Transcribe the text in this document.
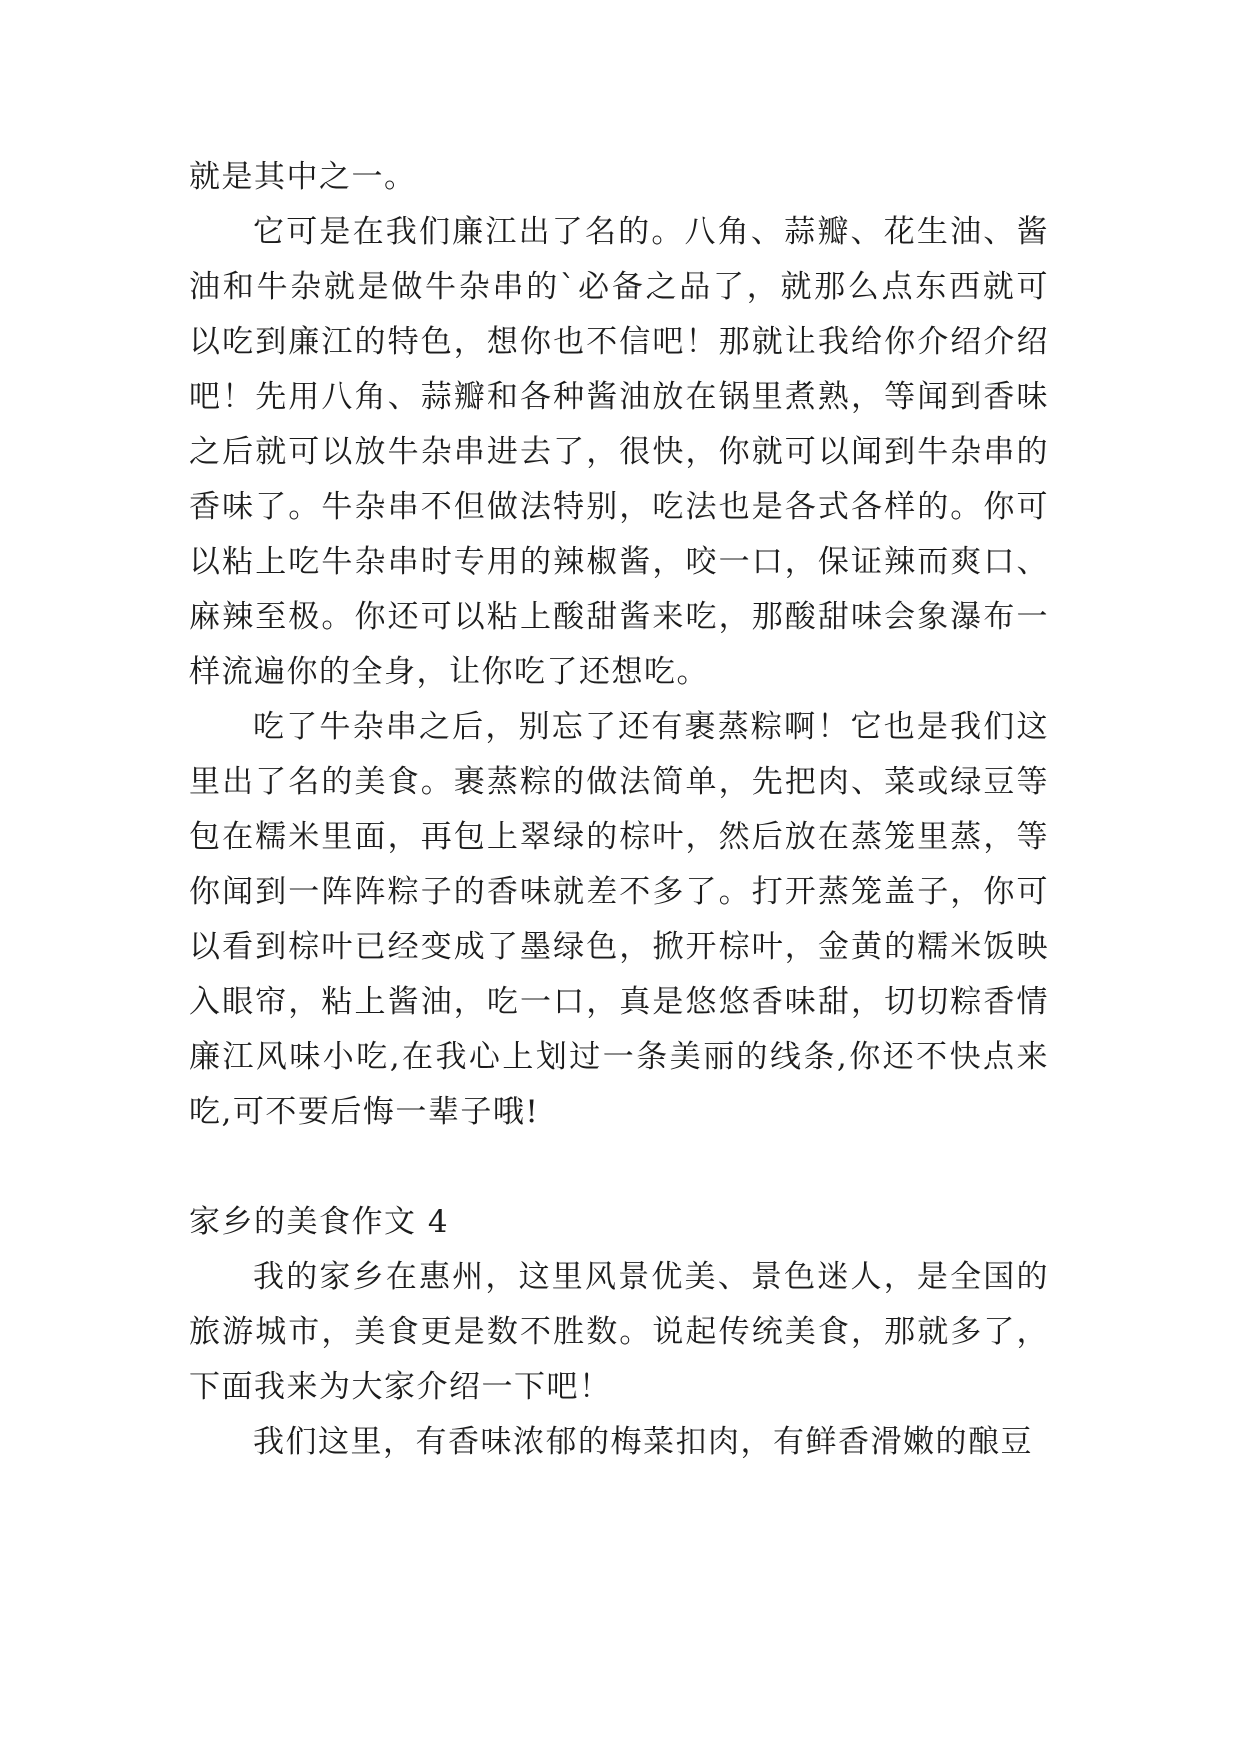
就是其中之一。

它可是在我们廉江出了名的。八角、蒜瓣、花生油、酱油和牛杂就是做牛杂串的`必备之品了，就那么点东西就可以吃到廉江的特色，想你也不信吧！那就让我给你介绍介绍吧！先用八角、蒜瓣和各种酱油放在锅里煮熟，等闻到香味之后就可以放牛杂串进去了，很快，你就可以闻到牛杂串的香味了。牛杂串不但做法特别，吃法也是各式各样的。你可以粘上吃牛杂串时专用的辣椒酱，咬一口，保证辣而爽口、麻辣至极。你还可以粘上酸甜酱来吃，那酸甜味会象瀑布一样流遍你的全身，让你吃了还想吃。

吃了牛杂串之后，别忘了还有裹蒸粽啊！它也是我们这里出了名的美食。裹蒸粽的做法简单，先把肉、菜或绿豆等包在糯米里面，再包上翠绿的棕叶，然后放在蒸笼里蒸，等你闻到一阵阵粽子的香味就差不多了。打开蒸笼盖子，你可以看到棕叶已经变成了墨绿色，掀开棕叶，金黄的糯米饭映入眼帘，粘上酱油，吃一口，真是悠悠香味甜，切切粽香情廉江风味小吃,在我心上划过一条美丽的线条,你还不快点来吃,可不要后悔一辈子哦!

家乡的美食作文 4

我的家乡在惠州，这里风景优美、景色迷人，是全国的旅游城市，美食更是数不胜数。说起传统美食，那就多了，下面我来为大家介绍一下吧！

我们这里，有香味浓郁的梅菜扣肉，有鲜香滑嫩的酿豆
